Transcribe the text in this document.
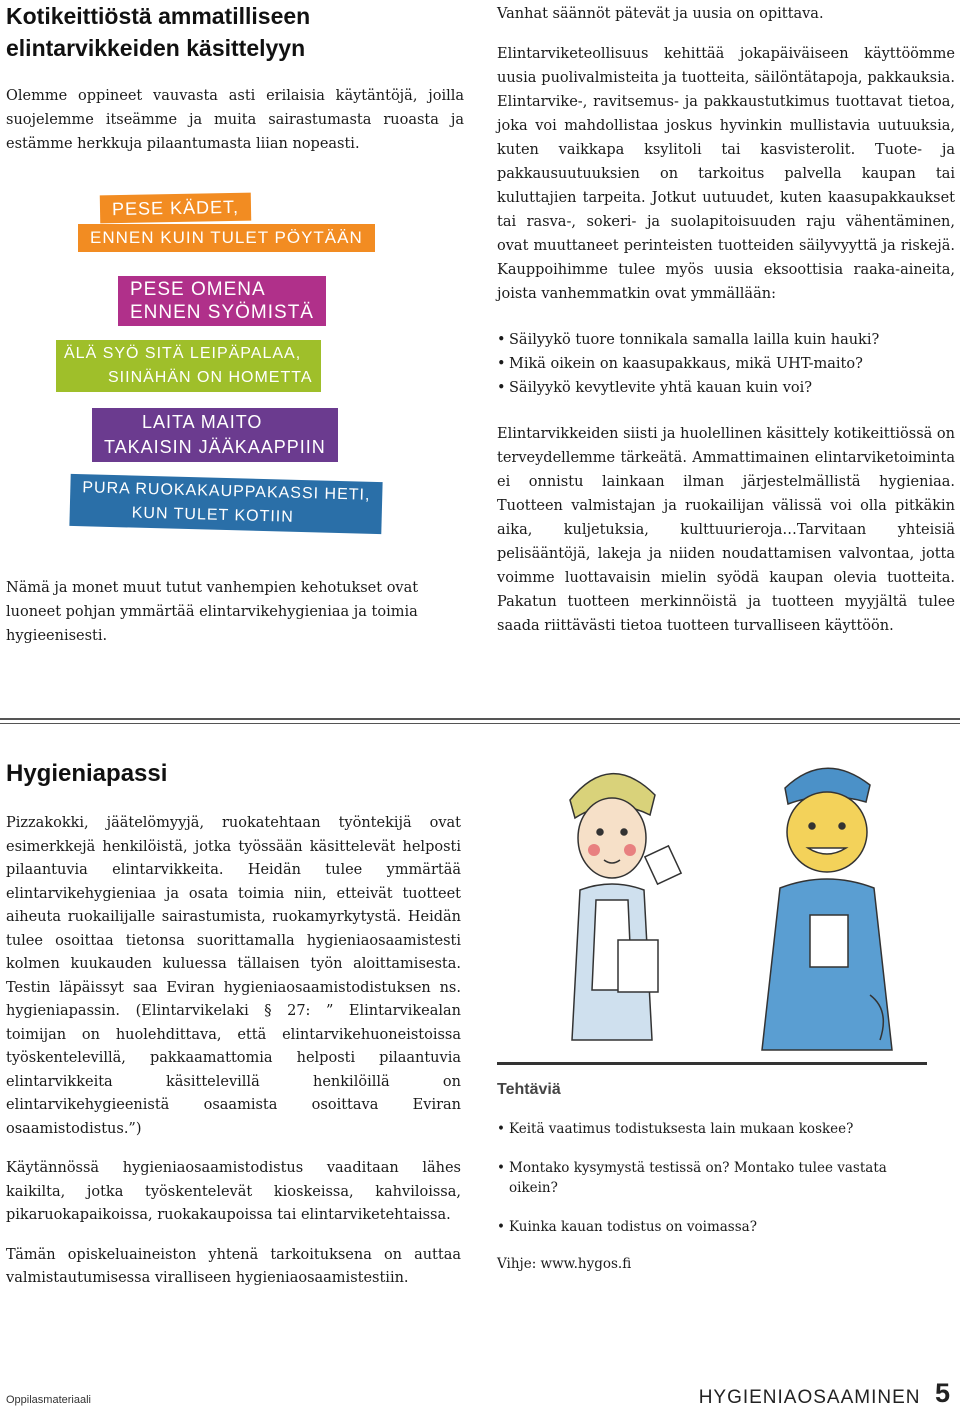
Kotikeittiöstä ammatilliseen elintarvikkeiden käsittelyyn
Olemme oppineet vauvasta asti erilaisia käytäntöjä, joilla suojelemme itseämme ja muita sairastumasta ruoasta ja estämme herkkuja pilaantumasta liian nopeasti.
PESE KÄDET,
ENNEN KUIN TULET PÖYTÄÄN
PESE OMENA
ENNEN SYÖMISTÄ
ÄLÄ SYÖ SITÄ LEIPÄPALAA,
SIINÄHÄN ON HOMETTA
LAITA MAITO
TAKAISIN JÄÄKAAPPIIN
PURA RUOKAKAUPPAKASSI HETI,
KUN TULET KOTIIN
Nämä ja monet muut tutut vanhempien kehotukset ovat luoneet pohjan ymmärtää elintarvikehygieniaa ja toimia hygieenisesti.

Vanhat säännöt pätevät ja uusia on opittava.

Elintarviketeollisuus kehittää jokapäiväiseen käyttöömme uusia puolivalmisteita ja tuotteita, säilöntätapoja, pakkauksia. Elintarvike-, ravitsemus- ja pakkaustutkimus tuottavat tietoa, joka voi mahdollistaa joskus hyvinkin mullistavia uutuuksia, kuten vaikkapa ksylitoli tai kasvisterolit. Tuote- ja pakkausuutuuksien on tarkoitus palvella kaupan tai kuluttajien tarpeita. Jotkut uutuudet, kuten kaasupakkaukset tai rasva-, sokeri- ja suolapitoisuuden raju vähentäminen, ovat muuttaneet perinteisten tuotteiden säilyvyyttä ja riskejä. Kauppoihimme tulee myös uusia eksoottisia raaka-aineita, joista vanhemmatkin ovat ymmällään:

• Säilyykö tuore tonnikala samalla lailla kuin hauki?
• Mikä oikein on kaasupakkaus, mikä UHT-maito?
• Säilyykö kevytlevite yhtä kauan kuin voi?

Elintarvikkeiden siisti ja huolellinen käsittely kotikeittiössä on terveydellemme tärkeätä. Ammattimainen elintarviketoiminta ei onnistu lainkaan ilman järjestelmällistä hygieniaa. Tuotteen valmistajan ja ruokailijan välissä voi olla pitkäkin aika, kuljetuksia, kulttuurieroja…Tarvitaan yhteisiä pelisääntöjä, lakeja ja niiden noudattamisen valvontaa, jotta voimme luottavaisin mielin syödä kaupan olevia tuotteita. Pakatun tuotteen merkinnöistä ja tuotteen myyjältä tulee saada riittävästi tietoa tuotteen turvalliseen käyttöön.

Hygieniapassi

Pizzakokki, jäätelömyyjä, ruokatehtaan työntekijä ovat esimerkkejä henkilöistä, jotka työssään käsittelevät helposti pilaantuvia elintarvikkeita. Heidän tulee ymmärtää elintarvikehygieniaa ja osata toimia niin, etteivät tuotteet aiheuta ruokailijalle sairastumista, ruokamyrkytystä. Heidän tulee osoittaa tietonsa suorittamalla hygieniaosaamistesti kolmen kuukauden kuluessa tällaisen työn aloittamisesta. Testin läpäissyt saa Eviran hygieniaosaamistodistuksen ns. hygieniapassin. (Elintarvikelaki § 27: ” Elintarvikealan toimijan on huolehdittava, että elintarvikehuoneistoissa työskentelevillä, pakkaamattomia helposti pilaantuvia elintarvikkeita käsittelevillä henkilöillä on elintarvikehygieenistä osaamista osoittava Eviran osaamistodistus.”)

Käytännössä hygieniaosaamistodistus vaaditaan lähes kaikilta, jotka työskentelevät kioskeissa, kahviloissa, pikaruokapaikoissa, ruokakaupoissa tai elintarviketehtaissa.

Tämän opiskeluaineiston yhtenä tarkoituksena on auttaa valmistautumisessa viralliseen hygieniaosaamistestiin.

Tehtäviä
• Keitä vaatimus todistuksesta lain mukaan koskee?
• Montako kysymystä testissä on? Montako tulee vastata oikein?
• Kuinka kauan todistus on voimassa?
Vihje: www.hygos.fi
Oppilasmateriaali	HYGIENIAOSAAMINEN 5
